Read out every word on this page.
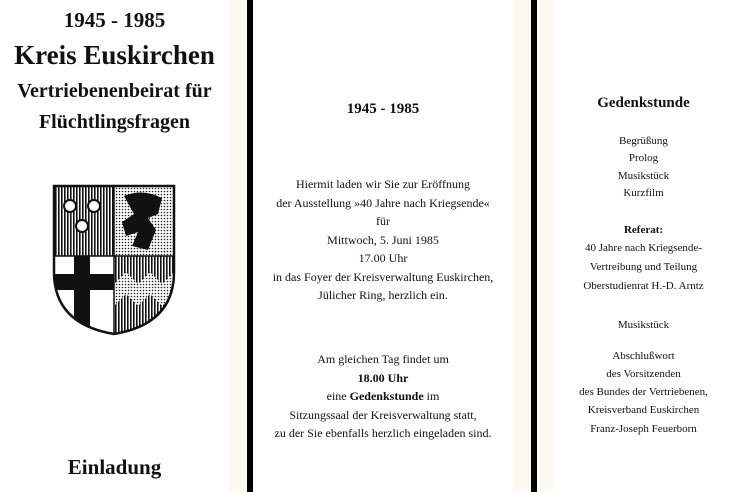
1945 - 1985
Kreis Euskirchen
Vertriebenenbeirat für
Flüchtlingsfragen
Einladung
1945 - 1985
Hiermit laden wir Sie zur Eröffnung
der Ausstellung »40 Jahre nach Kriegsende«
für
Mittwoch, 5. Juni 1985
17.00 Uhr
in das Foyer der Kreisverwaltung Euskirchen,
Jülicher Ring, herzlich ein.
Am gleichen Tag findet um
18.00 Uhr
eine Gedenkstunde im
Sitzungssaal der Kreisverwaltung statt,
zu der Sie ebenfalls herzlich eingeladen sind.
Gedenkstunde
Begrüßung
Prolog
Musikstück
Kurzfilm
Referat:
40 Jahre nach Kriegsende-
Vertreibung und Teilung
Oberstudienrat H.-D. Arntz
Musikstück
Abschlußwort
des Vorsitzenden
des Bundes der Vertriebenen,
Kreisverband Euskirchen
Franz-Joseph Feuerborn
